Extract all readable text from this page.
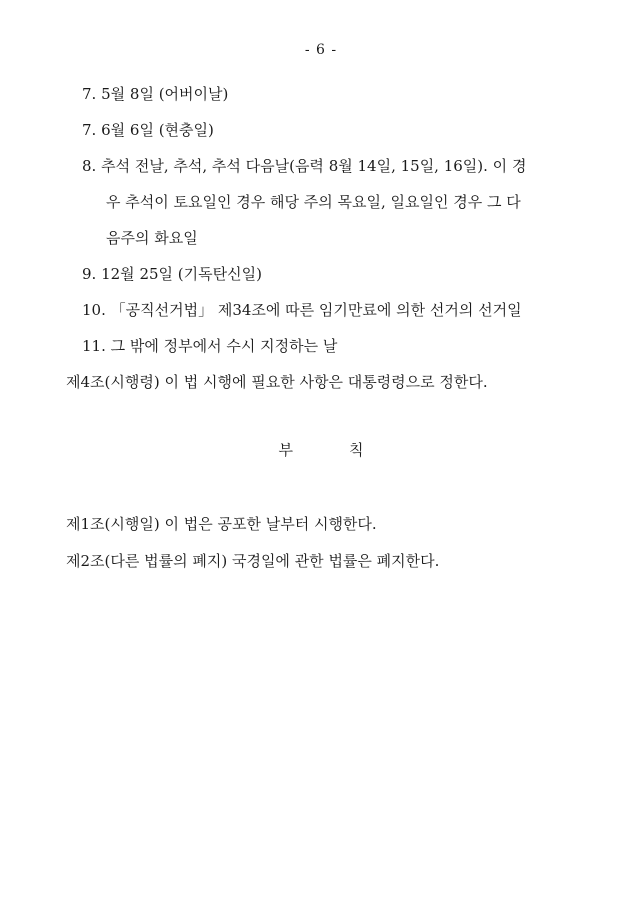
- 6 -
7. 5월 8일 (어버이날)
7. 6월 6일 (현충일)
8. 추석 전날, 추석, 추석 다음날(음력 8월 14일, 15일, 16일). 이 경
우 추석이 토요일인 경우 해당 주의 목요일, 일요일인 경우 그 다
음주의 화요일
9. 12월 25일 (기독탄신일)
10. 「공직선거법」 제34조에 따른 임기만료에 의한 선거의 선거일
11. 그 밖에 정부에서 수시 지정하는 날
제4조(시행령) 이 법 시행에 필요한 사항은 대통령령으로 정한다.
부	칙
제1조(시행일) 이 법은 공포한 날부터 시행한다.
제2조(다른 법률의 폐지) 국경일에 관한 법률은 폐지한다.
